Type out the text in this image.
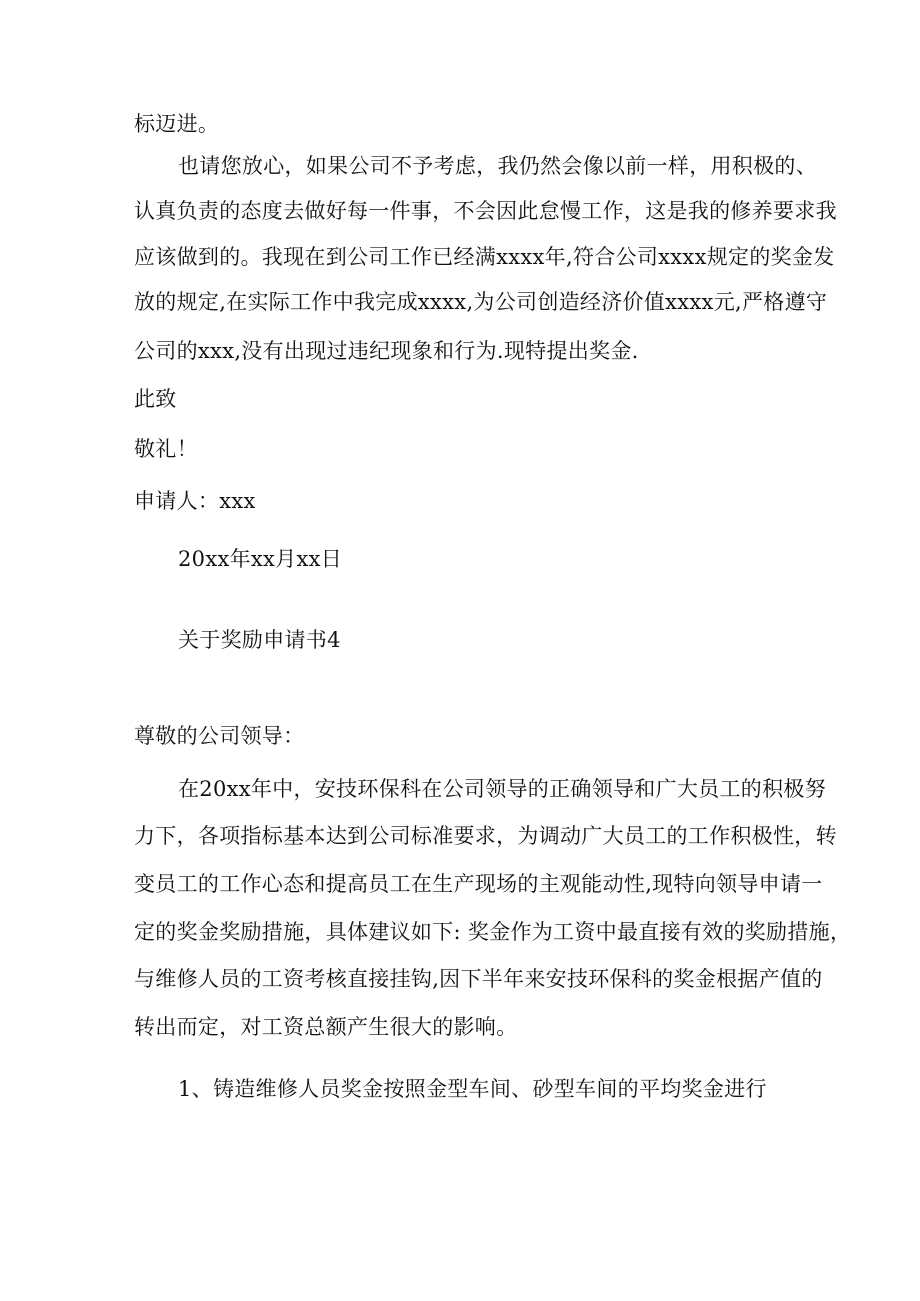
标迈进。
也请您放心，如果公司不予考虑，我仍然会像以前一样，用积极的、
认真负责的态度去做好每一件事，不会因此怠慢工作，这是我的修养要求我
应该做到的。我现在到公司工作已经满xxxx年,符合公司xxxx规定的奖金发
放的规定,在实际工作中我完成xxxx,为公司创造经济价值xxxx元,严格遵守
公司的xxx,没有出现过违纪现象和行为.现特提出奖金.
此致
敬礼！
申请人：xxx
20xx年xx月xx日
关于奖励申请书4
尊敬的公司领导：
在20xx年中，安技环保科在公司领导的正确领导和广大员工的积极努
力下，各项指标基本达到公司标准要求，为调动广大员工的工作积极性，转
变员工的工作心态和提高员工在生产现场的主观能动性,现特向领导申请一
定的奖金奖励措施，具体建议如下: 奖金作为工资中最直接有效的奖励措施，
与维修人员的工资考核直接挂钩,因下半年来安技环保科的奖金根据产值的
转出而定，对工资总额产生很大的影响。
1、铸造维修人员奖金按照金型车间、砂型车间的平均奖金进行
